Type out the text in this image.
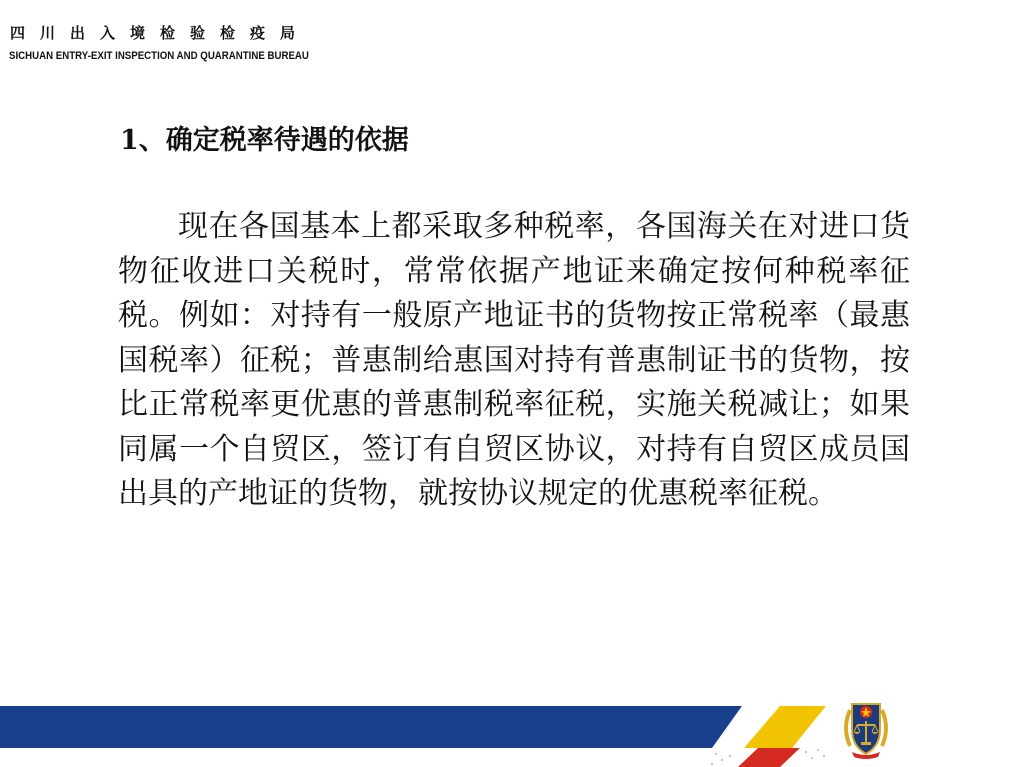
四川出入境检验检疫局
SICHUAN ENTRY-EXIT INSPECTION AND QUARANTINE BUREAU
1、确定税率待遇的依据

现在各国基本上都采取多种税率，各国海关在对进口货物征收进口关税时，常常依据产地证来确定按何种税率征税。例如：对持有一般原产地证书的货物按正常税率（最惠国税率）征税；普惠制给惠国对持有普惠制证书的货物，按比正常税率更优惠的普惠制税率征税，实施关税减让；如果同属一个自贸区，签订有自贸区协议，对持有自贸区成员国出具的产地证的货物，就按协议规定的优惠税率征税。
